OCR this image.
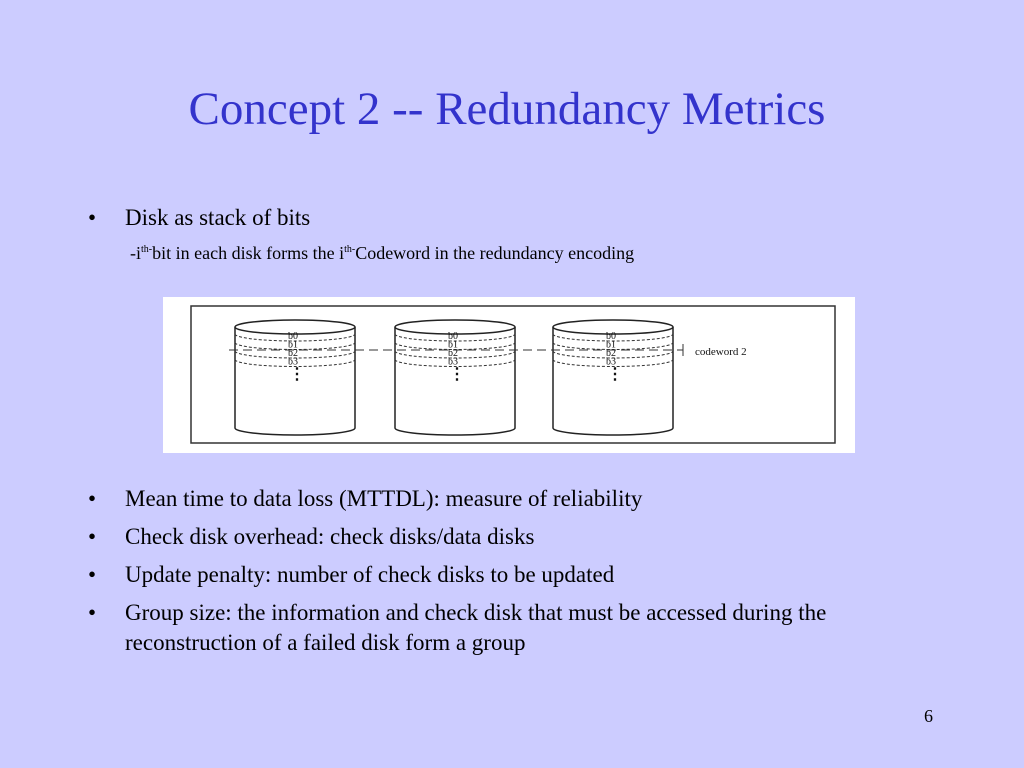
Concept 2 -- Redundancy Metrics
• Disk as stack of bits
$-i^{th-}bit$ in each disk forms the $i^{th-}Codeword$ in the redundancy encoding
b0
b1
b2
b3
⋮
b0
b1
b2
b3
⋮
b0
b1
b2
b3
⋮
codeword 2
• Mean time to data loss (MTTDL): measure of reliability
• Check disk overhead: check disks/data disks
• Update penalty: number of check disks to be updated
• Group size: the information and check disk that must be accessed during the reconstruction of a failed disk form a group
6
